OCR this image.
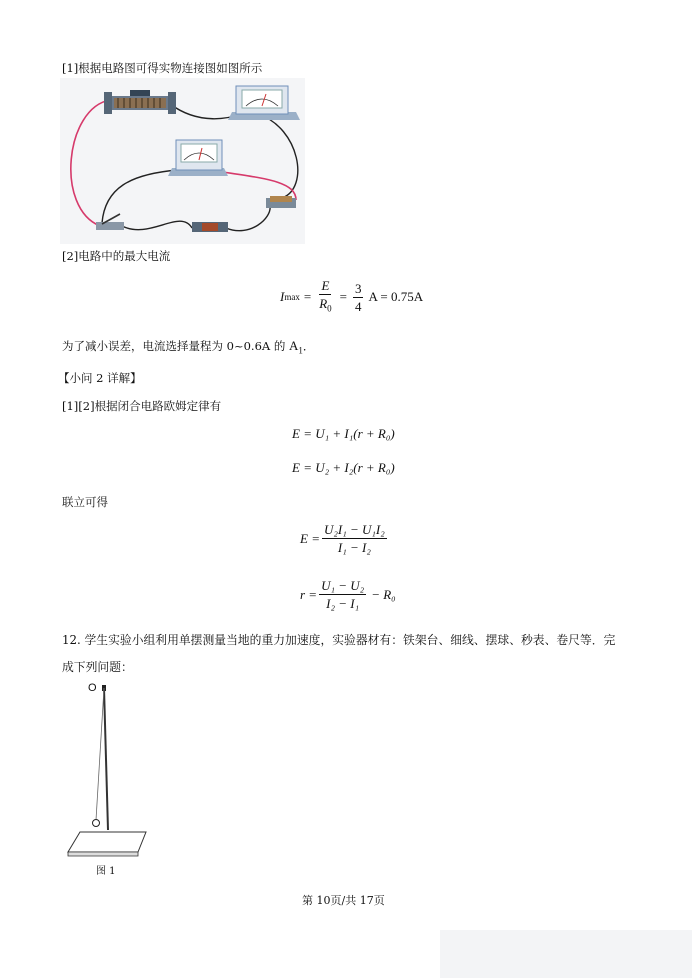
[1]根据电路图可得实物连接图如图所示
[2]电路中的最大电流
I $\max = \frac{E}{R_0} = \frac{3}{4}$ A = 0.75A
为了减小误差，电流选择量程为 0~0.6A 的 $A_1$．
【小问 2 详解】
[1][2]根据闭合电路欧姆定律有
E = U₁ + I₁(r + R₀)
E = U₂ + I₂(r + R₀)
联立可得
$E = \frac{\text{U₂I₁ − U₁I₂}}{\text{I₁ − I₂}}$
$r = \frac{\text{U₁ − U₂}}{\text{I₂ − I₁}} - R_0$
12. 学生实验小组利用单摆测量当地的重力加速度，实验器材有：铁架台、细线、摆球、秒表、卷尺等．完
成下列问题：
O
图 1
第 10页/共 17页
